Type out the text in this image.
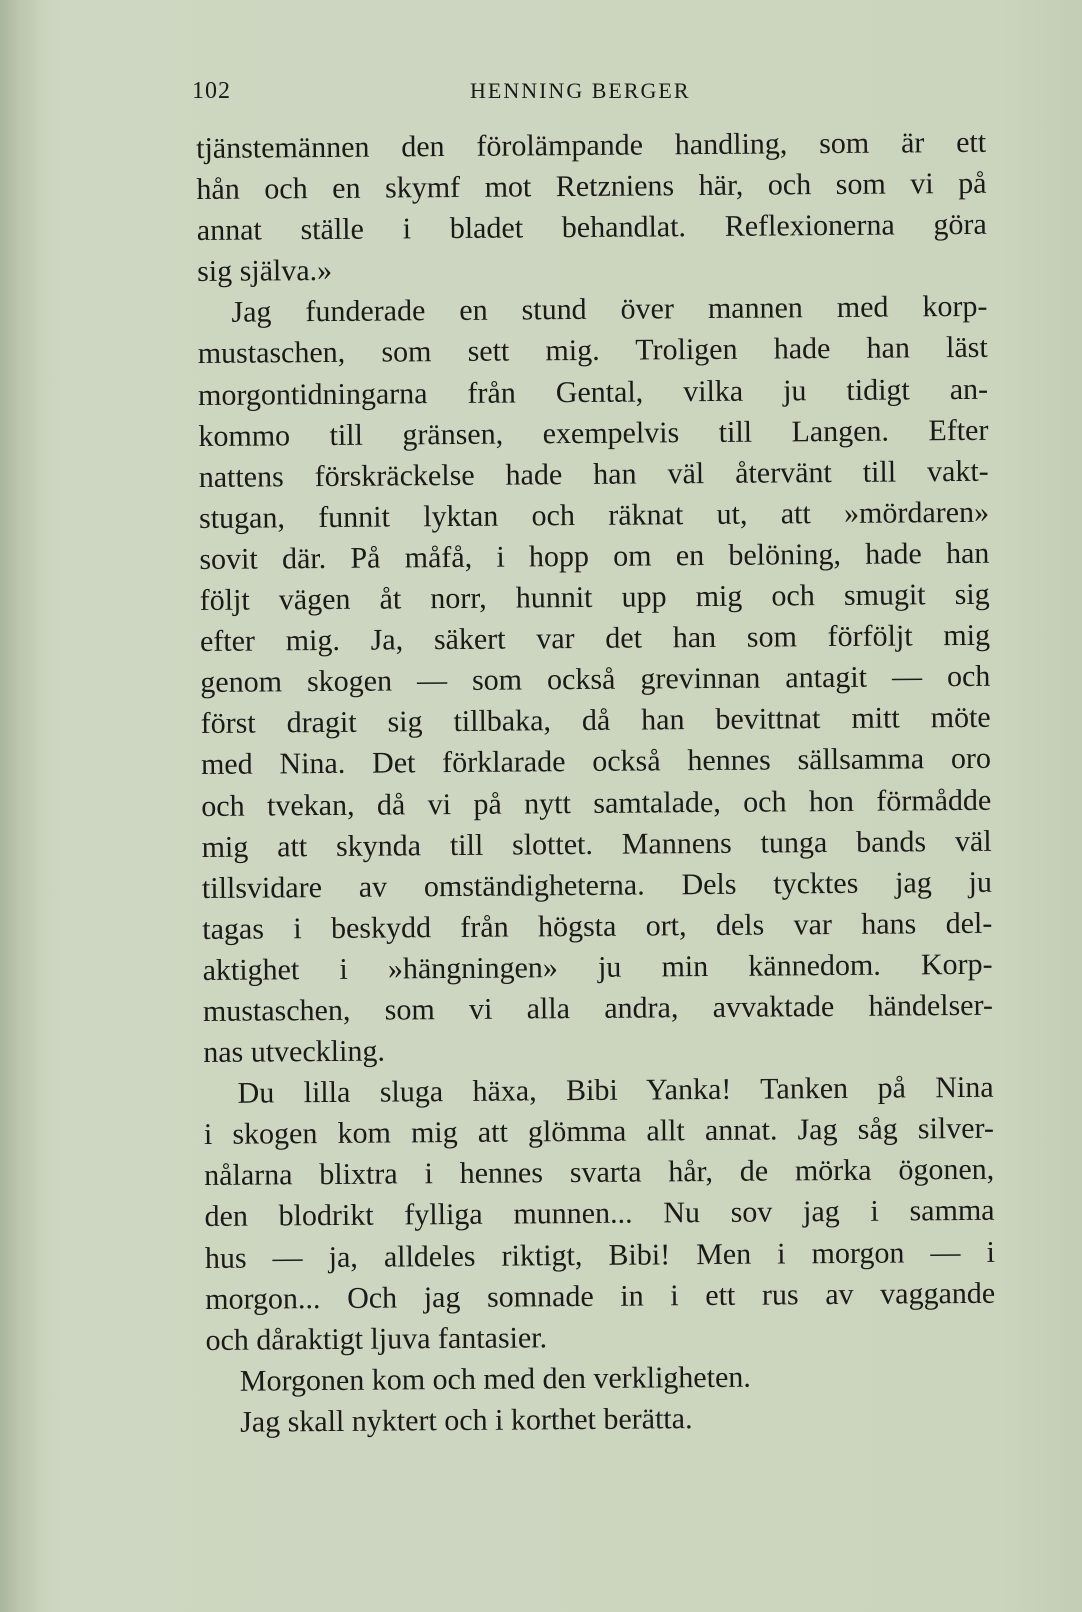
102	HENNING BERGER
tjänstemännen den förolämpande handling, som är ett
hån och en skymf mot Retzniens här, och som vi på
annat ställe i bladet behandlat. Reflexionerna göra
sig själva.»
Jag funderade en stund över mannen med korp-
mustaschen, som sett mig. Troligen hade han läst
morgontidningarna från Gental, vilka ju tidigt an-
kommo till gränsen, exempelvis till Langen. Efter
nattens förskräckelse hade han väl återvänt till vakt-
stugan, funnit lyktan och räknat ut, att »mördaren»
sovit där. På måfå, i hopp om en belöning, hade han
följt vägen åt norr, hunnit upp mig och smugit sig
efter mig. Ja, säkert var det han som förföljt mig
genom skogen — som också grevinnan antagit — och
först dragit sig tillbaka, då han bevittnat mitt möte
med Nina. Det förklarade också hennes sällsamma oro
och tvekan, då vi på nytt samtalade, och hon förmådde
mig att skynda till slottet. Mannens tunga bands väl
tillsvidare av omständigheterna. Dels tycktes jag ju
tagas i beskydd från högsta ort, dels var hans del-
aktighet i »hängningen» ju min kännedom. Korp-
mustaschen, som vi alla andra, avvaktade händelser-
nas utveckling.
Du lilla sluga häxa, Bibi Yanka! Tanken på Nina
i skogen kom mig att glömma allt annat. Jag såg silver-
nålarna blixtra i hennes svarta hår, de mörka ögonen,
den blodrikt fylliga munnen... Nu sov jag i samma
hus — ja, alldeles riktigt, Bibi! Men i morgon — i
morgon... Och jag somnade in i ett rus av vaggande
och dåraktigt ljuva fantasier.
Morgonen kom och med den verkligheten.
Jag skall nyktert och i korthet berätta.
